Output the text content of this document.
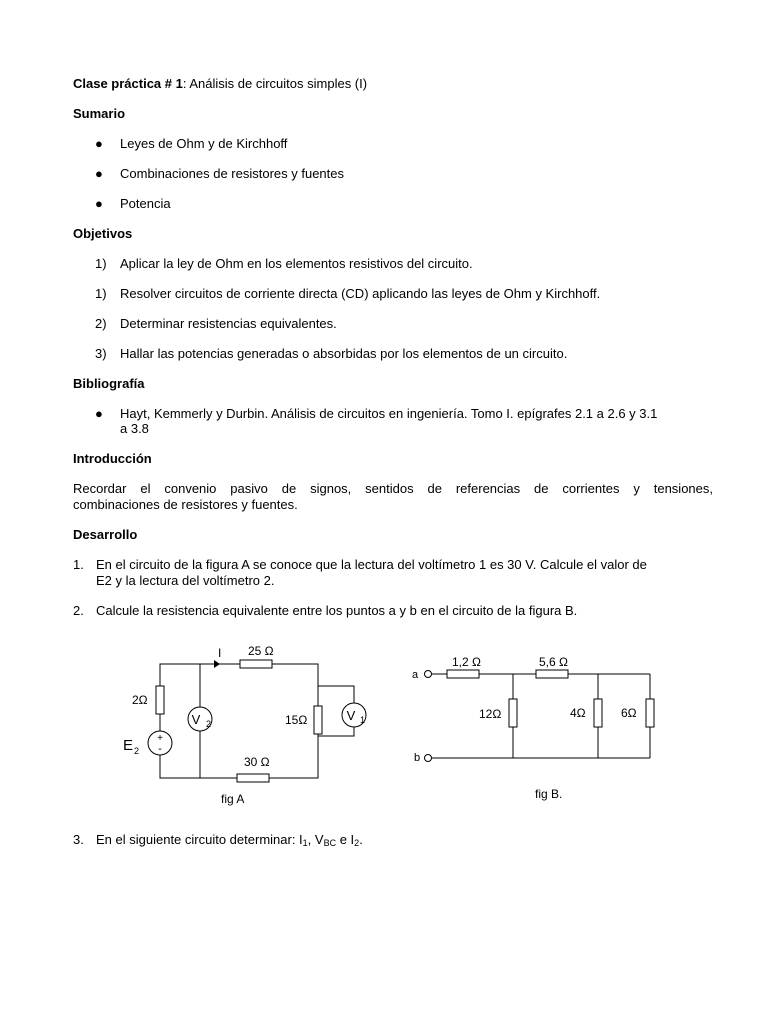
Clase práctica # 1: Análisis de circuitos simples (I)
Sumario
● Leyes de Ohm y de Kirchhoff
● Combinaciones de resistores y fuentes
● Potencia
Objetivos
1) Aplicar la ley de Ohm en los elementos resistivos del circuito.
1) Resolver circuitos de corriente directa (CD) aplicando las leyes de Ohm y Kirchhoff.
2) Determinar resistencias equivalentes.
3) Hallar las potencias generadas o absorbidas por los elementos de un circuito.
Bibliografía
● Hayt, Kemmerly y Durbin. Análisis de circuitos en ingeniería. Tomo I. epígrafes 2.1 a 2.6 y 3.1
a 3.8
Introducción
Recordar el convenio pasivo de signos, sentidos de referencias de corrientes y tensiones,
combinaciones de resistores y fuentes.
Desarrollo
1. En el circuito de la figura A se conoce que la lectura del voltímetro 1 es 30 V. Calcule el valor de
E2 y la lectura del voltímetro 2.
2. Calcule la resistencia equivalente entre los puntos a y b en el circuito de la figura B.
3. En el siguiente circuito determinar: $I_1$, $V_{BC}$ e $I_2$.
+
-
V 2
V 1
I 25 Ω
2Ω
15Ω
30 Ω
E 2
fig A
a
b
1,2 Ω	5,6 Ω
12Ω	4Ω	6Ω
fig B.
